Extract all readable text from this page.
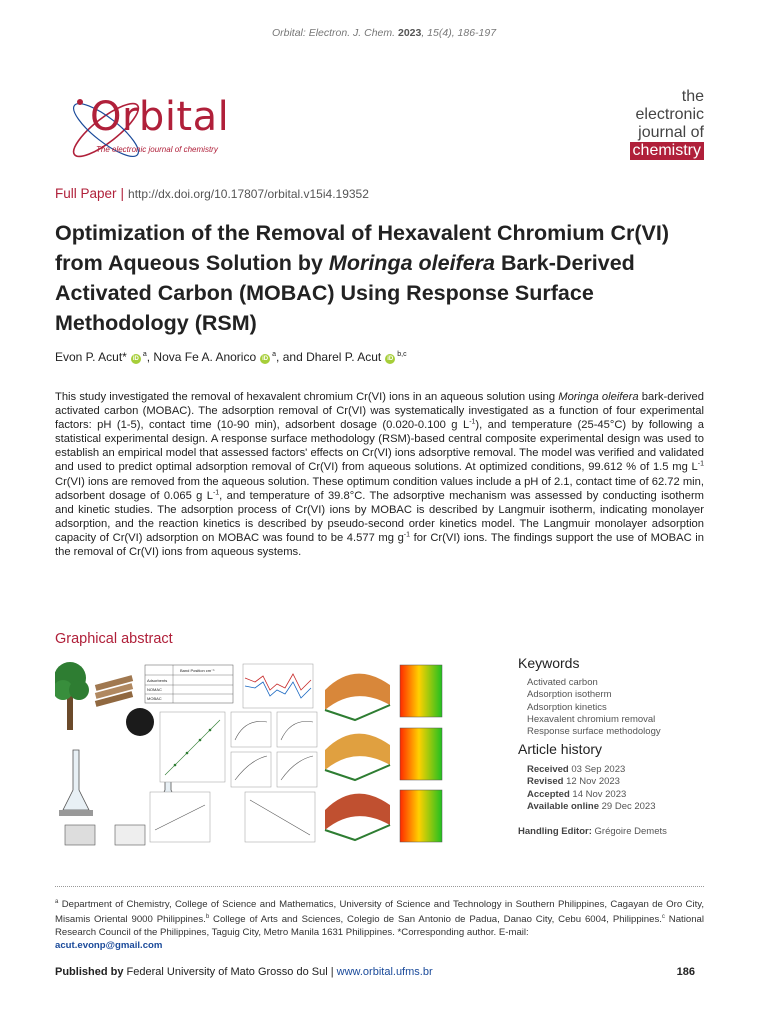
Orbital: Electron. J. Chem. 2023, 15(4), 186-197
Orbital
The electronic journal of chemistry
the
electronic
journal of
chemistry
Full Paper | http://dx.doi.org/10.17807/orbital.v15i4.19352
Optimization of the Removal of Hexavalent Chromium Cr(VI) from Aqueous Solution by Moringa oleifera Bark-Derived Activated Carbon (MOBAC) Using Response Surface Methodology (RSM)
Evon P. Acut* $iD^a$, Nova Fe A. Anorico $iD^a$, and Dharel P. Acut iD$^{b,c}$
This study investigated the removal of hexavalent chromium Cr(VI) ions in an aqueous solution using Moringa oleifera bark-derived activated carbon (MOBAC). The adsorption removal of Cr(VI) was systematically investigated as a function of four experimental factors: pH (1-5), contact time (10-90 min), adsorbent dosage (0.020-0.100 g $L^{-1}$), and temperature (25-45°C) by following a statistical experimental design. A response surface methodology (RSM)-based central composite experimental design was used to establish an empirical model that assessed factors' effects on Cr(VI) ions adsorptive removal. The model was verified and validated and used to predict optimal adsorption removal of Cr(VI) from aqueous solutions. At optimized conditions, 99.612 % of 1.5 mg $L^{-1}$ Cr(VI) ions are removed from the aqueous solution. These optimum condition values include a pH of 2.1, contact time of 62.72 min, adsorbent dosage of 0.065 g $L^{-1}$, and temperature of 39.8°C. The adsorptive mechanism was assessed by conducting isotherm and kinetic studies. The adsorption process of Cr(VI) ions by MOBAC is described by Langmuir isotherm, indicating monolayer adsorption, and the reaction kinetics is described by pseudo-second order kinetics model. The Langmuir monolayer adsorption capacity of Cr(VI) adsorption on MOBAC was found to be 4.577 mg $g^{-1}$ for Cr(VI) ions. The findings support the use of MOBAC in the removal of Cr(VI) ions from aqueous systems.
Graphical abstract
Adsorbents
NOMAC
MOBAC
Band Position cm⁻¹	Keywords
Activated carbon
Adsorption isotherm
Adsorption kinetics
Hexavalent chromium removal
Response surface methodology
Article history
Received 03 Sep 2023
Revised 12 Nov 2023
Accepted 14 Nov 2023
Available online 29 Dec 2023
Handling Editor: Grégoire Demets
$^a$ Department of Chemistry, College of Science and Mathematics, University of Science and Technology in Southern Philippines, Cagayan de Oro City, Misamis Oriental 9000 Philippines.$^b$ College of Arts and Sciences, Colegio de San Antonio de Padua, Danao City, Cebu 6004, Philippines.$^c$ National Research Council of the Philippines, Taguig City, Metro Manila 1631 Philippines. *Corresponding author. E-mail:
acut.evonp@gmail.com
Published by Federal University of Mato Grosso do Sul | www.orbital.ufms.br	186
